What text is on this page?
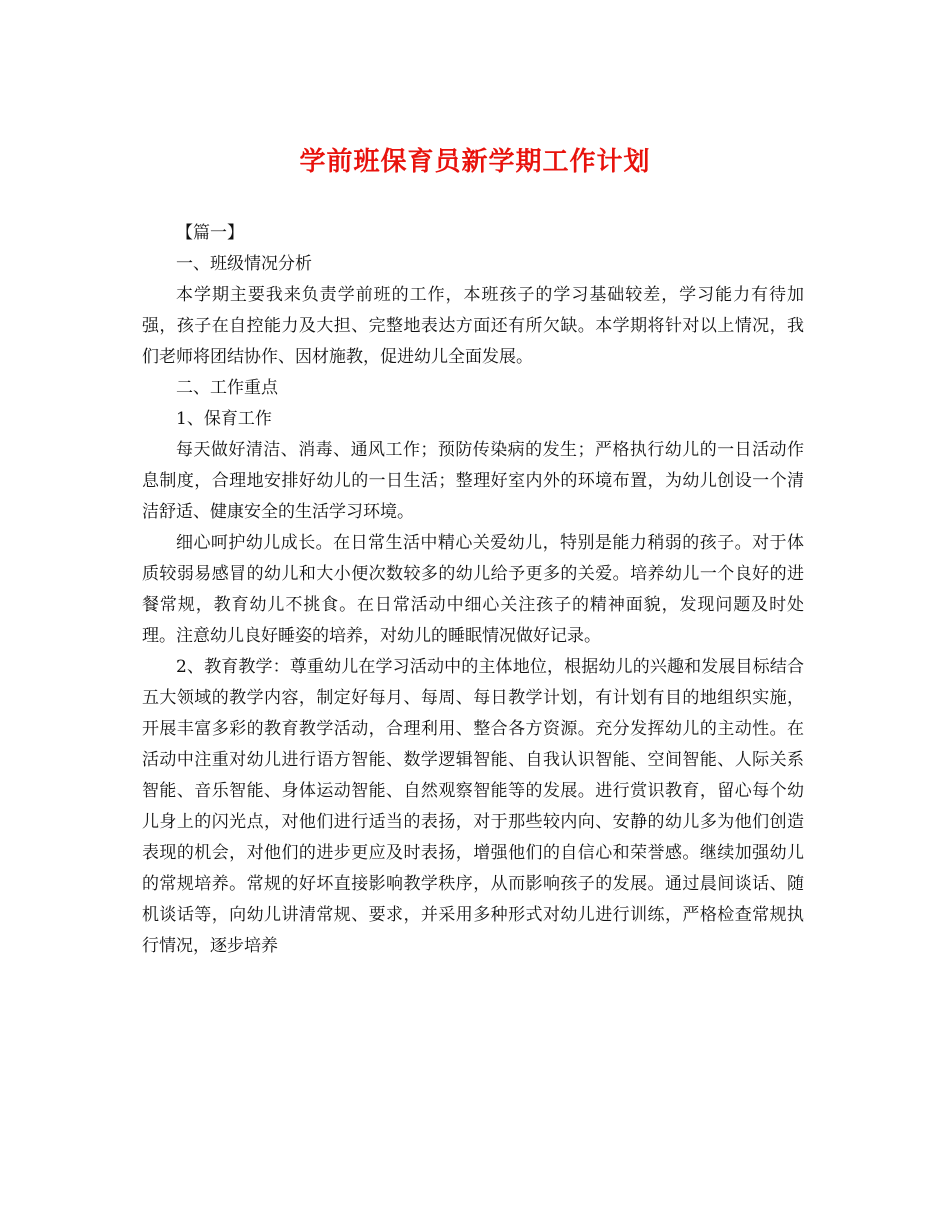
学前班保育员新学期工作计划

【篇一】

一、班级情况分析

本学期主要我来负责学前班的工作，本班孩子的学习基础较差，学习能力有待加强，孩子在自控能力及大担、完整地表达方面还有所欠缺。本学期将针对以上情况，我们老师将团结协作、因材施教，促进幼儿全面发展。

二、工作重点

1、保育工作

每天做好清洁、消毒、通风工作；预防传染病的发生；严格执行幼儿的一日活动作息制度，合理地安排好幼儿的一日生活；整理好室内外的环境布置，为幼儿创设一个清洁舒适、健康安全的生活学习环境。

细心呵护幼儿成长。在日常生活中精心关爱幼儿，特别是能力稍弱的孩子。对于体质较弱易感冒的幼儿和大小便次数较多的幼儿给予更多的关爱。培养幼儿一个良好的进餐常规，教育幼儿不挑食。在日常活动中细心关注孩子的精神面貌，发现问题及时处理。注意幼儿良好睡姿的培养，对幼儿的睡眠情况做好记录。

2、教育教学：尊重幼儿在学习活动中的主体地位，根据幼儿的兴趣和发展目标结合五大领域的教学内容，制定好每月、每周、每日教学计划，有计划有目的地组织实施，开展丰富多彩的教育教学活动，合理利用、整合各方资源。充分发挥幼儿的主动性。在活动中注重对幼儿进行语方智能、数学逻辑智能、自我认识智能、空间智能、人际关系智能、音乐智能、身体运动智能、自然观察智能等的发展。进行赏识教育，留心每个幼儿身上的闪光点，对他们进行适当的表扬，对于那些较内向、安静的幼儿多为他们创造表现的机会，对他们的进步更应及时表扬，增强他们的自信心和荣誉感。继续加强幼儿的常规培养。常规的好坏直接影响教学秩序，从而影响孩子的发展。通过晨间谈话、随机谈话等，向幼儿讲清常规、要求，并采用多种形式对幼儿进行训练，严格检查常规执行情况，逐步培养
